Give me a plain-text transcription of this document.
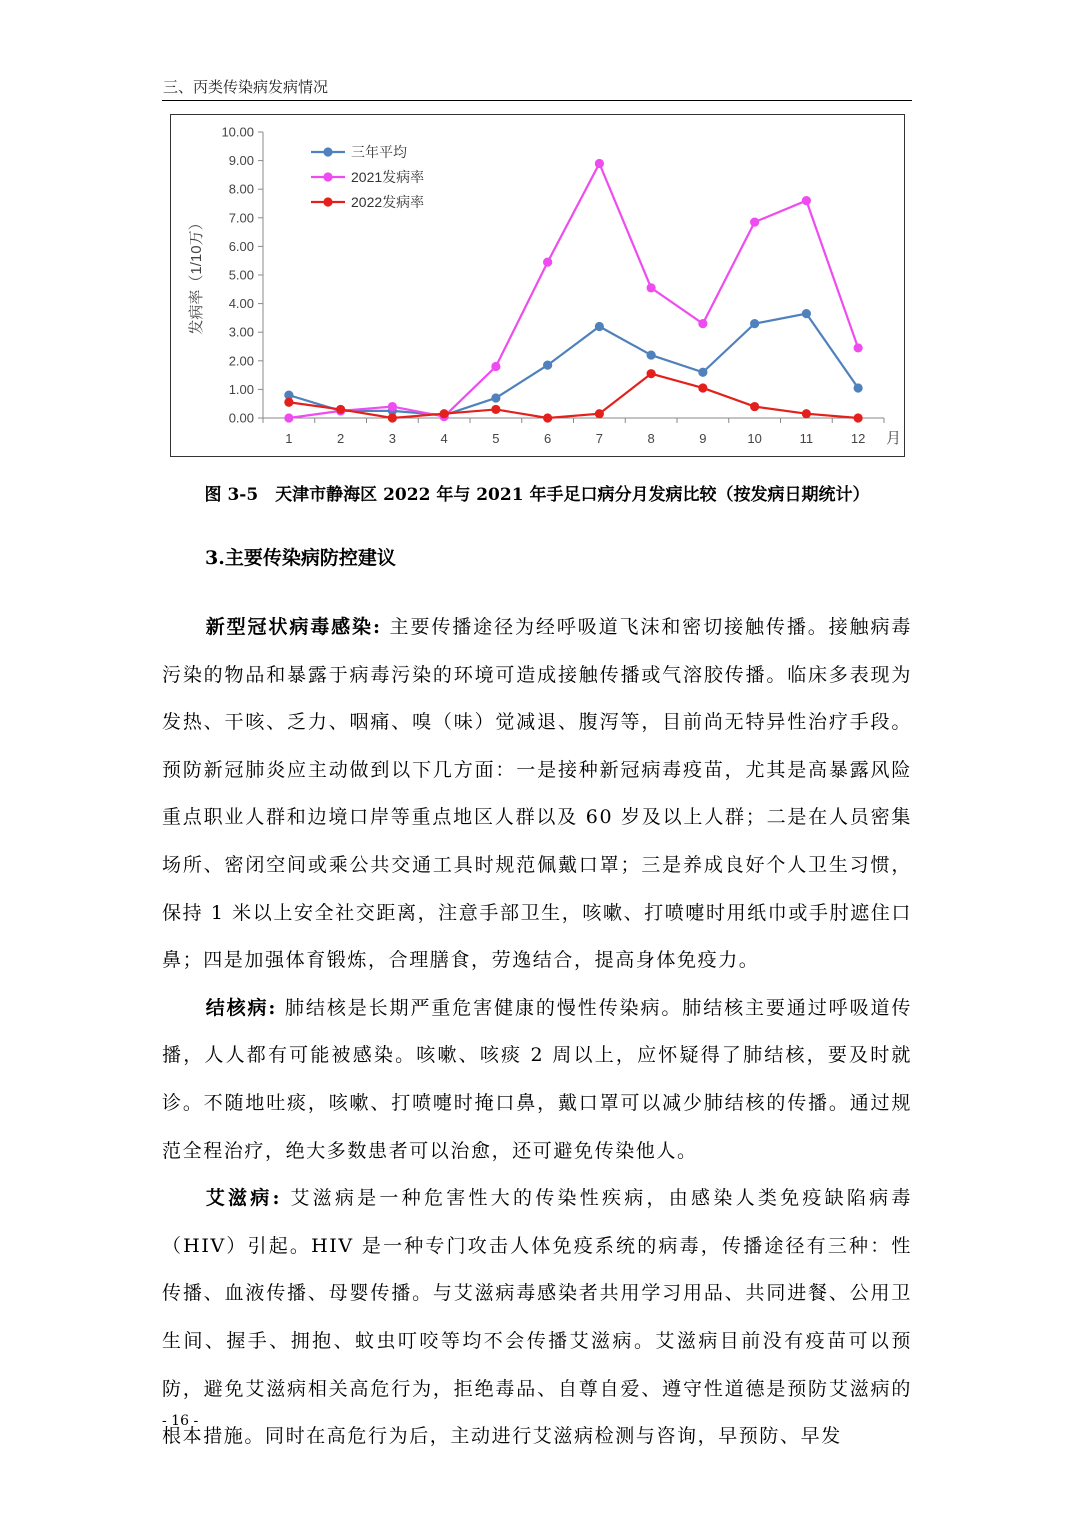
三、丙类传染病发病情况
0.00
1.00
2.00
3.00
4.00
5.00
6.00
7.00
8.00
9.00
10.00
1	2	3	4	5	6	7	8	9	10	11	12 月
发病率（1/10万）
三年平均
2021发病率
2022发病率
图 3-5　天津市静海区 2022 年与 2021 年手足口病分月发病比较（按发病日期统计）
3.主要传染病防控建议

新型冠状病毒感染: 主要传播途径为经呼吸道飞沫和密切接触传播。接触病毒污染的物品和暴露于病毒污染的环境可造成接触传播或气溶胶传播。临床多表现为发热、干咳、乏力、咽痛、嗅（味）觉减退、腹泻等，目前尚无特异性治疗手段。预防新冠肺炎应主动做到以下几方面：一是接种新冠病毒疫苗，尤其是高暴露风险重点职业人群和边境口岸等重点地区人群以及 60 岁及以上人群；二是在人员密集场所、密闭空间或乘公共交通工具时规范佩戴口罩；三是养成良好个人卫生习惯，保持 1 米以上安全社交距离，注意手部卫生，咳嗽、打喷嚏时用纸巾或手肘遮住口鼻；四是加强体育锻炼，合理膳食，劳逸结合，提高身体免疫力。

结核病: 肺结核是长期严重危害健康的慢性传染病。肺结核主要通过呼吸道传播，人人都有可能被感染。咳嗽、咳痰 2 周以上，应怀疑得了肺结核，要及时就诊。不随地吐痰，咳嗽、打喷嚏时掩口鼻，戴口罩可以减少肺结核的传播。通过规范全程治疗，绝大多数患者可以治愈，还可避免传染他人。

艾滋病: 艾滋病是一种危害性大的传染性疾病，由感染人类免疫缺陷病毒（HIV）引起。HIV 是一种专门攻击人体免疫系统的病毒，传播途径有三种：性传播、血液传播、母婴传播。与艾滋病毒感染者共用学习用品、共同进餐、公用卫生间、握手、拥抱、蚊虫叮咬等均不会传播艾滋病。艾滋病目前没有疫苗可以预防，避免艾滋病相关高危行为，拒绝毒品、自尊自爱、遵守性道德是预防艾滋病的根本措施。同时在高危行为后，主动进行艾滋病检测与咨询，早预防、早发

- 16 -
